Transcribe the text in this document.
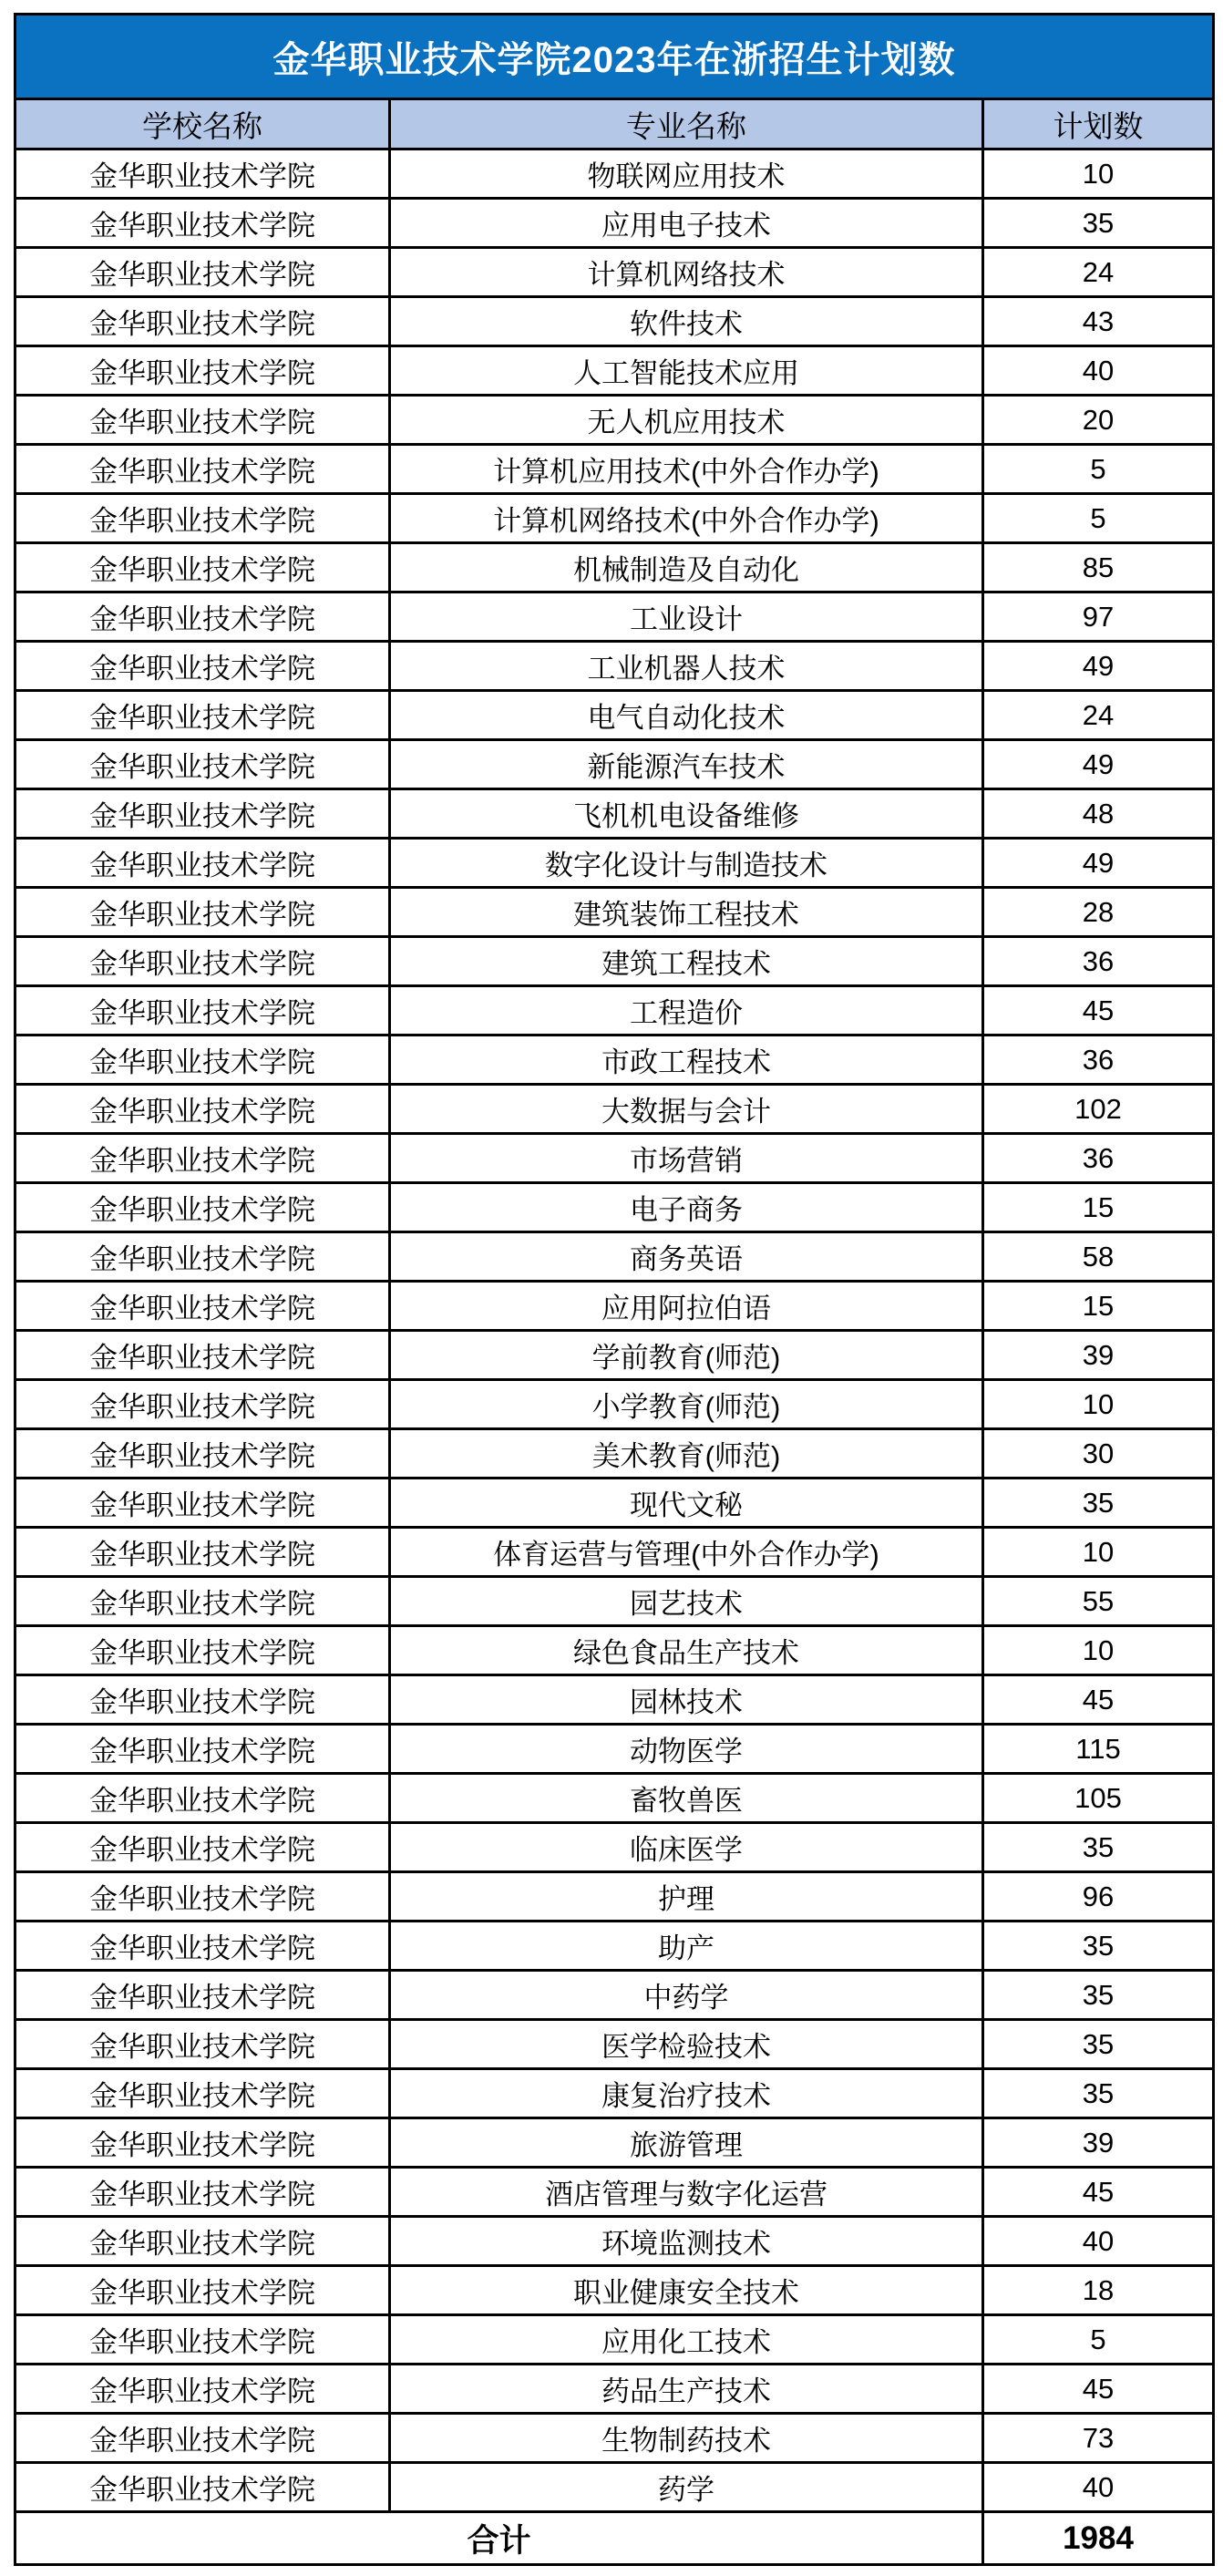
金华职业技术学院2023年在浙招生计划数		
学校名称	专业名称	计划数
金华职业技术学院	物联网应用技术	10
金华职业技术学院	应用电子技术	35
金华职业技术学院	计算机网络技术	24
金华职业技术学院	软件技术	43
金华职业技术学院	人工智能技术应用	40
金华职业技术学院	无人机应用技术	20
金华职业技术学院	计算机应用技术(中外合作办学)	5
金华职业技术学院	计算机网络技术(中外合作办学)	5
金华职业技术学院	机械制造及自动化	85
金华职业技术学院	工业设计	97
金华职业技术学院	工业机器人技术	49
金华职业技术学院	电气自动化技术	24
金华职业技术学院	新能源汽车技术	49
金华职业技术学院	飞机机电设备维修	48
金华职业技术学院	数字化设计与制造技术	49
金华职业技术学院	建筑装饰工程技术	28
金华职业技术学院	建筑工程技术	36
金华职业技术学院	工程造价	45
金华职业技术学院	市政工程技术	36
金华职业技术学院	大数据与会计	102
金华职业技术学院	市场营销	36
金华职业技术学院	电子商务	15
金华职业技术学院	商务英语	58
金华职业技术学院	应用阿拉伯语	15
金华职业技术学院	学前教育(师范)	39
金华职业技术学院	小学教育(师范)	10
金华职业技术学院	美术教育(师范)	30
金华职业技术学院	现代文秘	35
金华职业技术学院	体育运营与管理(中外合作办学)	10
金华职业技术学院	园艺技术	55
金华职业技术学院	绿色食品生产技术	10
金华职业技术学院	园林技术	45
金华职业技术学院	动物医学	115
金华职业技术学院	畜牧兽医	105
金华职业技术学院	临床医学	35
金华职业技术学院	护理	96
金华职业技术学院	助产	35
金华职业技术学院	中药学	35
金华职业技术学院	医学检验技术	35
金华职业技术学院	康复治疗技术	35
金华职业技术学院	旅游管理	39
金华职业技术学院	酒店管理与数字化运营	45
金华职业技术学院	环境监测技术	40
金华职业技术学院	职业健康安全技术	18
金华职业技术学院	应用化工技术	5
金华职业技术学院	药品生产技术	45
金华职业技术学院	生物制药技术	73
金华职业技术学院	药学	40
合计		1984
